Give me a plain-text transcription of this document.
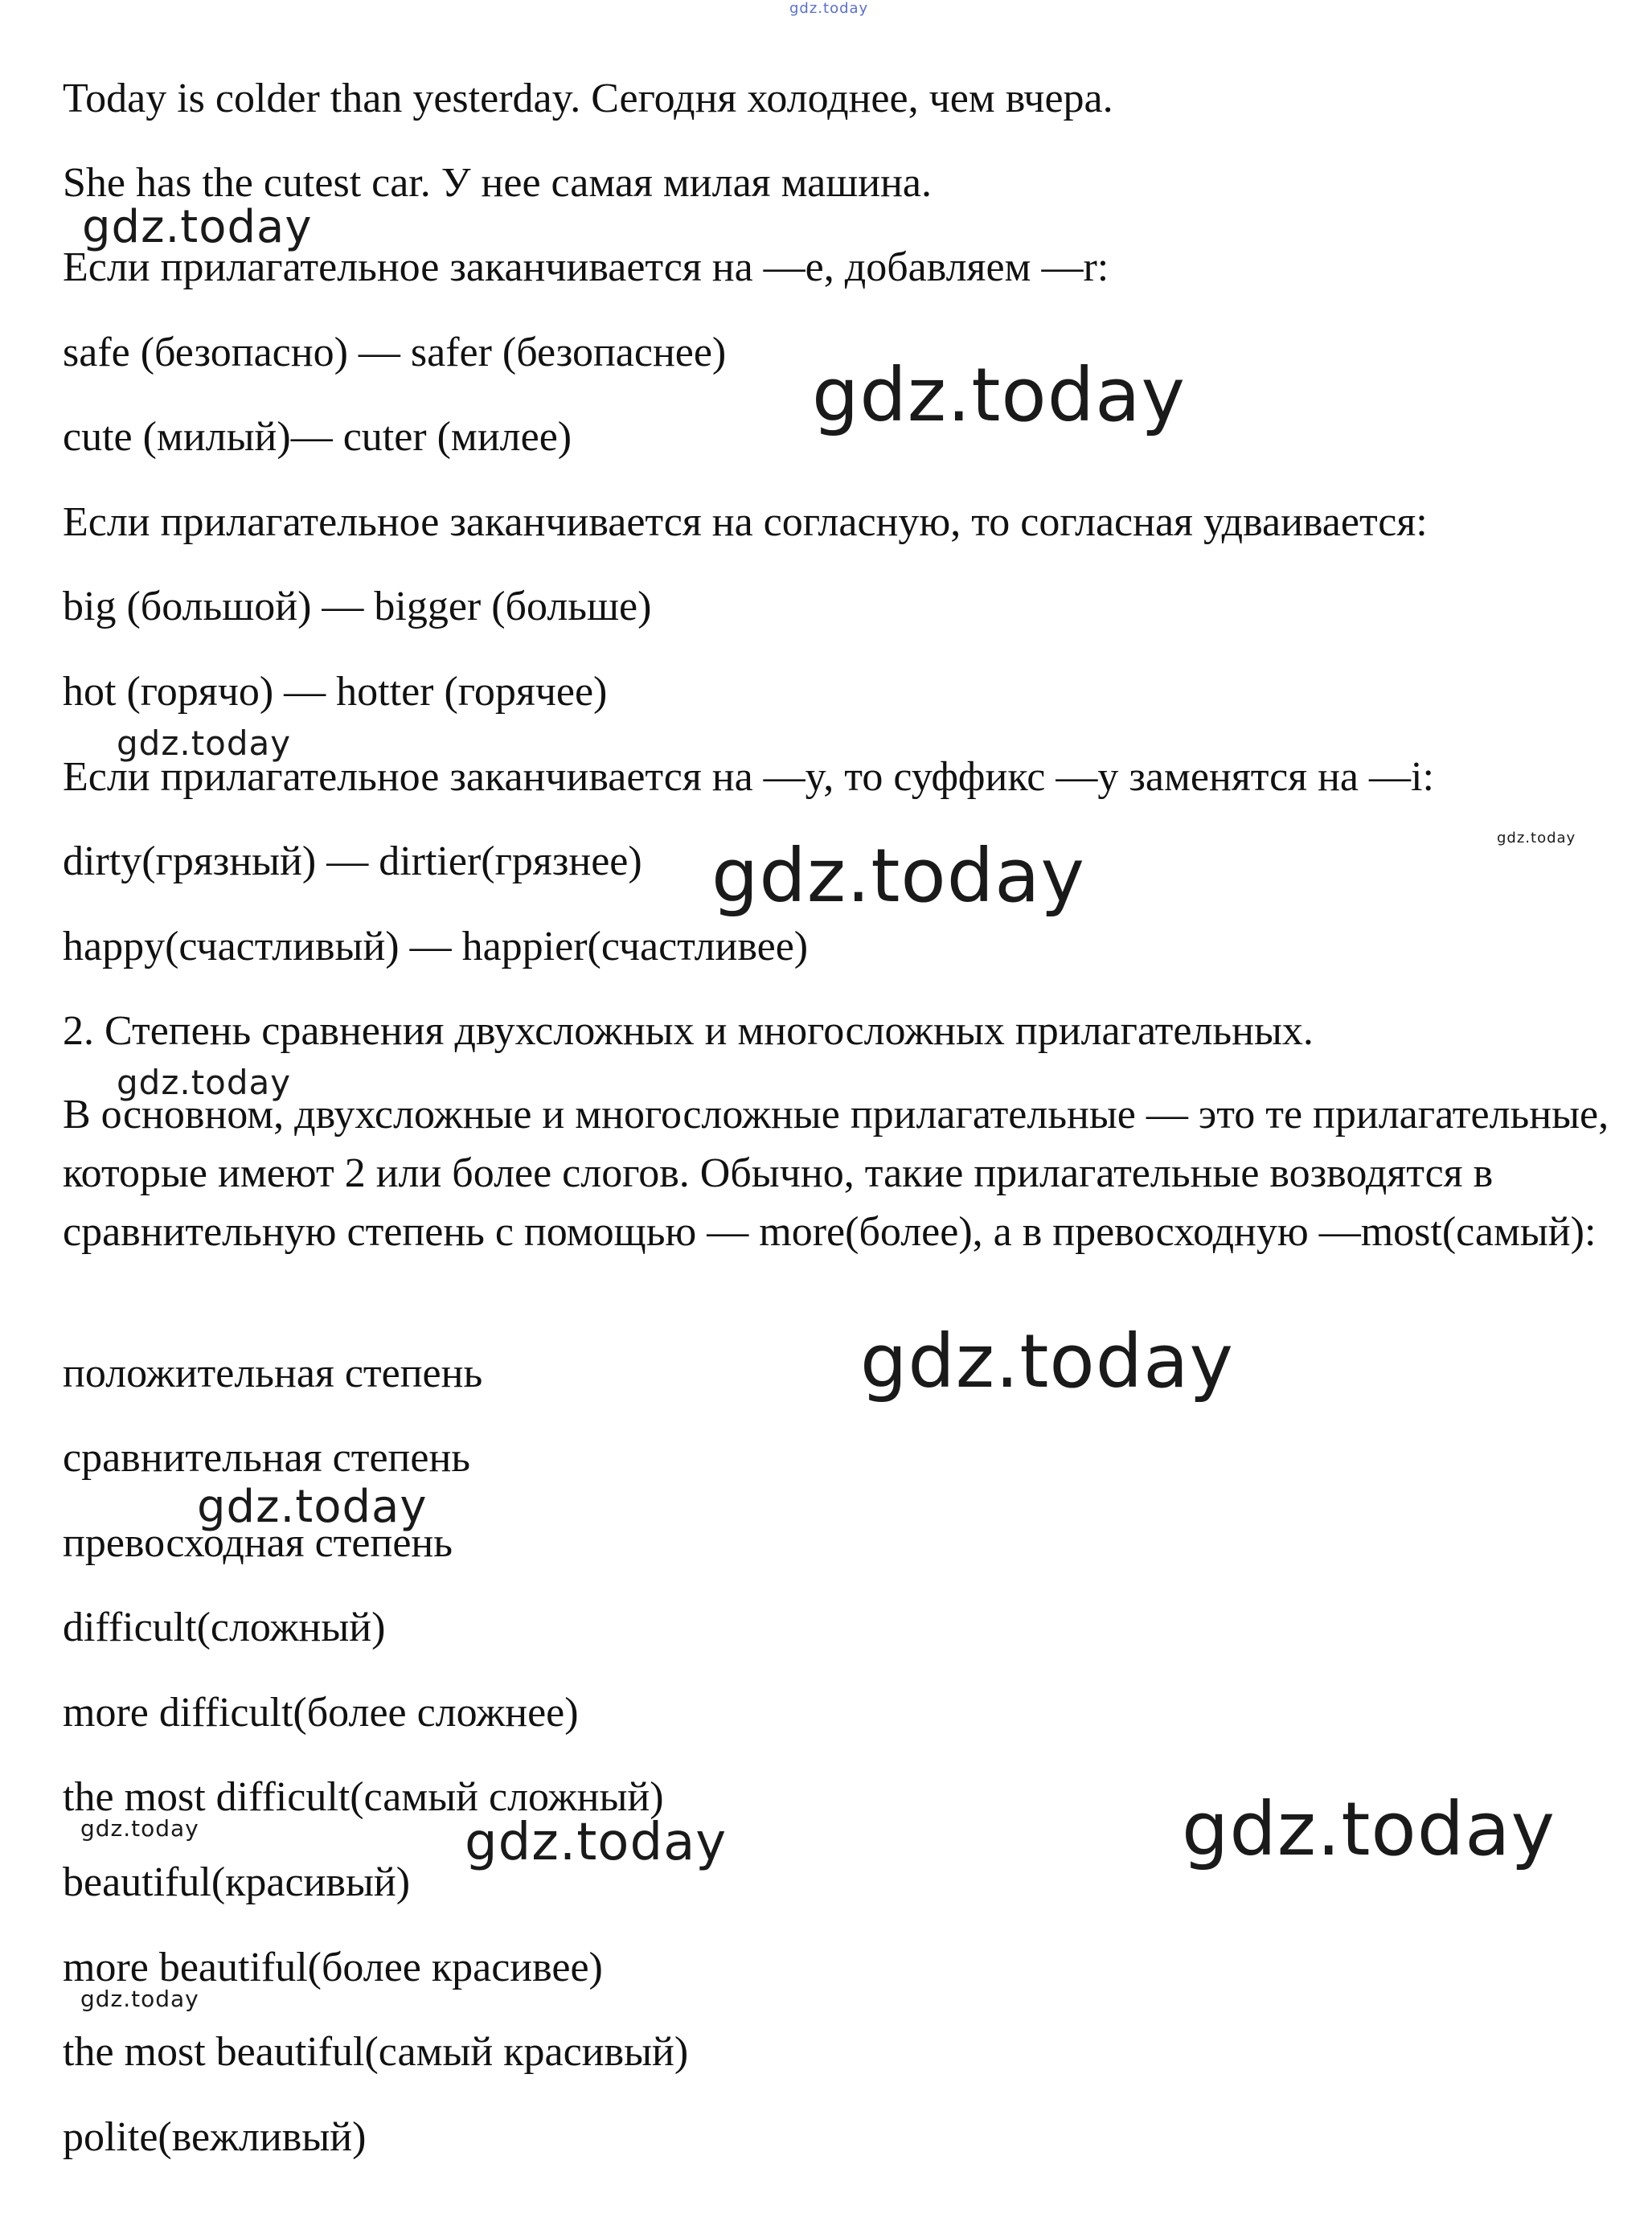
gdz.today
gdz.today
gdz.today
gdz.today
gdz.today
gdz.today
gdz.today
gdz.today
gdz.today
gdz.today	gdz.today	gdz.today
gdz.today
Today is colder than yesterday. Сегодня холоднее, чем вчера.
She has the cutest car. У нее самая милая машина.
Если прилагательное заканчивается на —e, добавляем —r:
safe (безопасно) — safer (безопаснее)
cute (милый)— cuter (милее)
Если прилагательное заканчивается на согласную, то согласная удваивается:
big (большой) — bigger (больше)
hot (горячо) — hotter (горячее)
Если прилагательное заканчивается на —y, то суффикс —y заменятся на —i:
dirty(грязный) — dirtier(грязнее)
happy(счастливый) — happier(счастливее)
2. Степень сравнения двухсложных и многосложных прилагательных.
В основном, двухсложные и многосложные прилагательные — это те прилагательные, которые имеют 2 или более слогов. Обычно, такие прилагательные возводятся в сравнительную степень с помощью — more(более), а в превосходную —most(самый):
положительная степень
сравнительная степень
превосходная степень
difficult(сложный)
more difficult(более сложнее)
the most difficult(самый сложный)
beautiful(красивый)
more beautiful(более красивее)
the most beautiful(самый красивый)
polite(вежливый)
